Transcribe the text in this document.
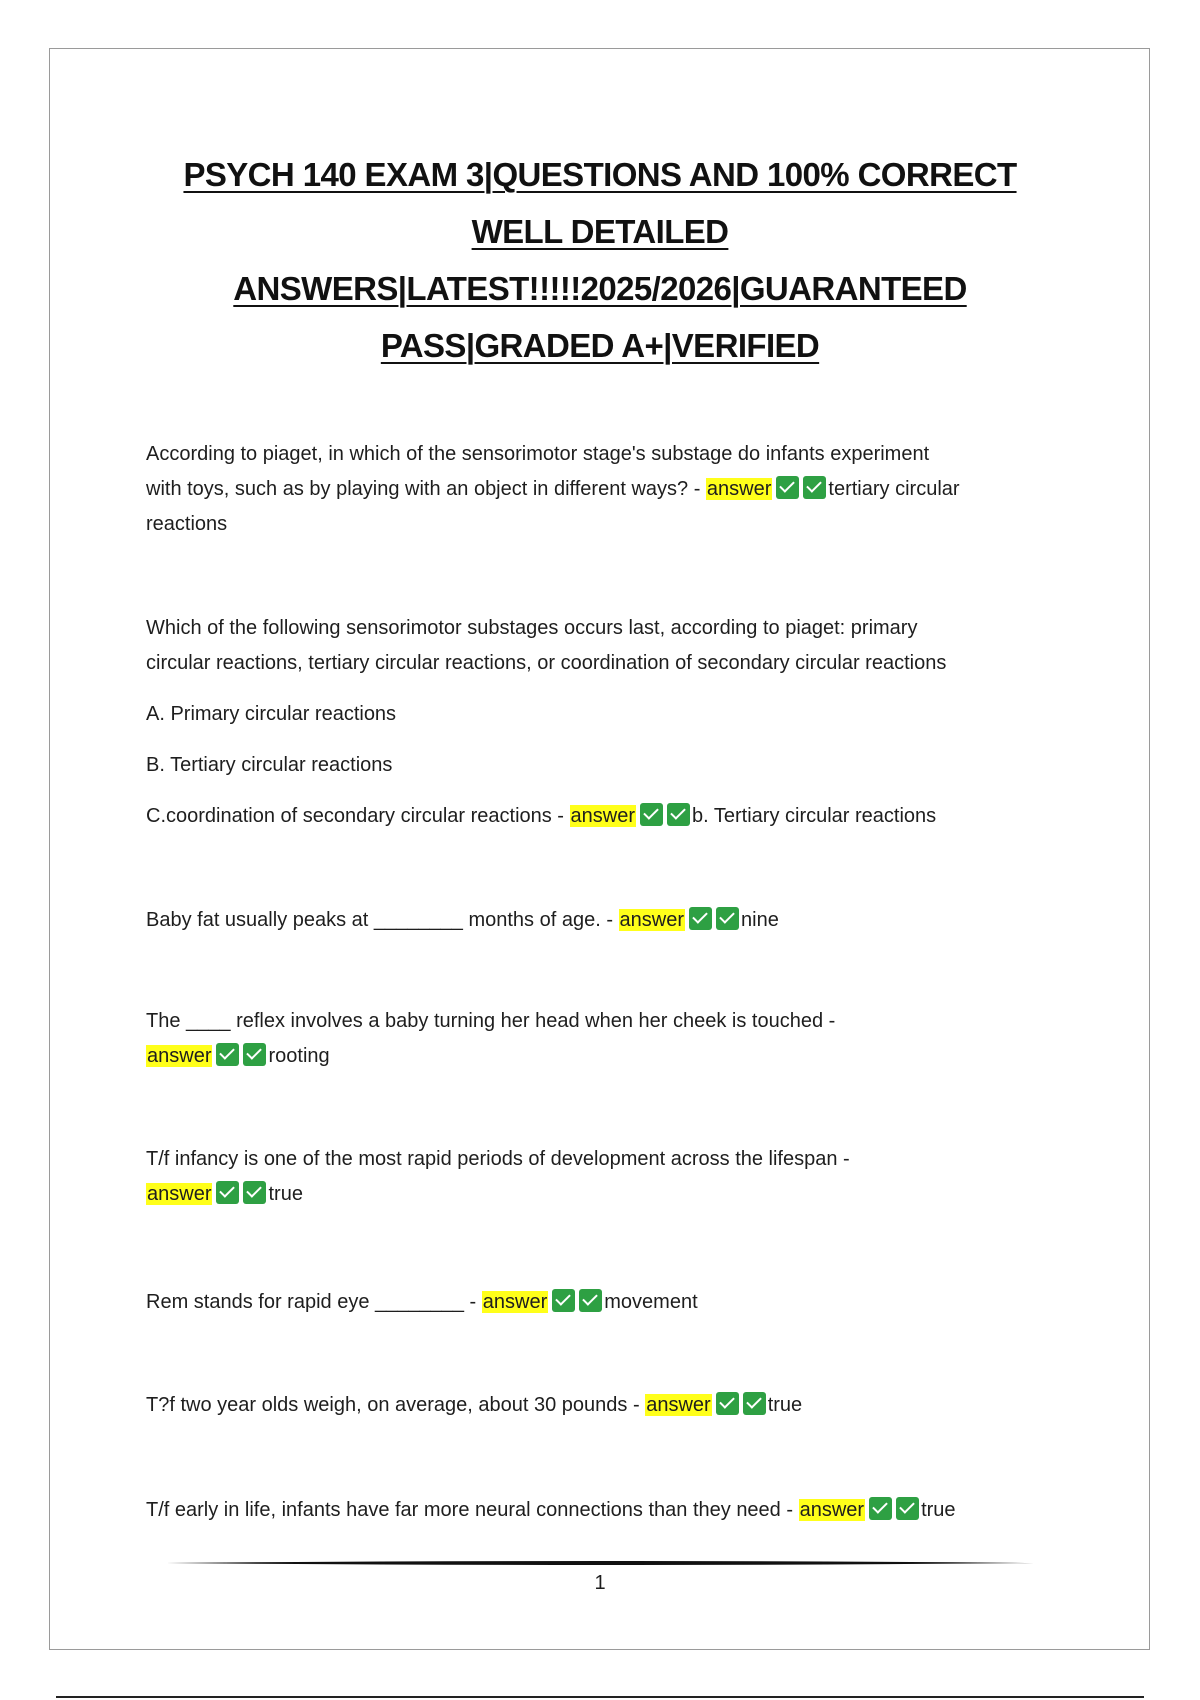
PSYCH 140 EXAM 3|QUESTIONS AND 100% CORRECT
WELL DETAILED
ANSWERS|LATEST!!!!!2025/2026|GUARANTEED
PASS|GRADED A+|VERIFIED
According to piaget, in which of the sensorimotor stage's substage do infants experiment
with toys, such as by playing with an object in different ways? - answer	tertiary circular
reactions
Which of the following sensorimotor substages occurs last, according to piaget: primary
circular reactions, tertiary circular reactions, or coordination of secondary circular reactions
A. Primary circular reactions
B. Tertiary circular reactions
C.coordination of secondary circular reactions - answer	b. Tertiary circular reactions
Baby fat usually peaks at ________ months of age. - answer	nine
The ____ reflex involves a baby turning her head when her cheek is touched -
answer	rooting
T/f infancy is one of the most rapid periods of development across the lifespan -
answer	true
Rem stands for rapid eye ________ - answer	movement
T?f two year olds weigh, on average, about 30 pounds - answer	true
T/f early in life, infants have far more neural connections than they need - answer	true
1
